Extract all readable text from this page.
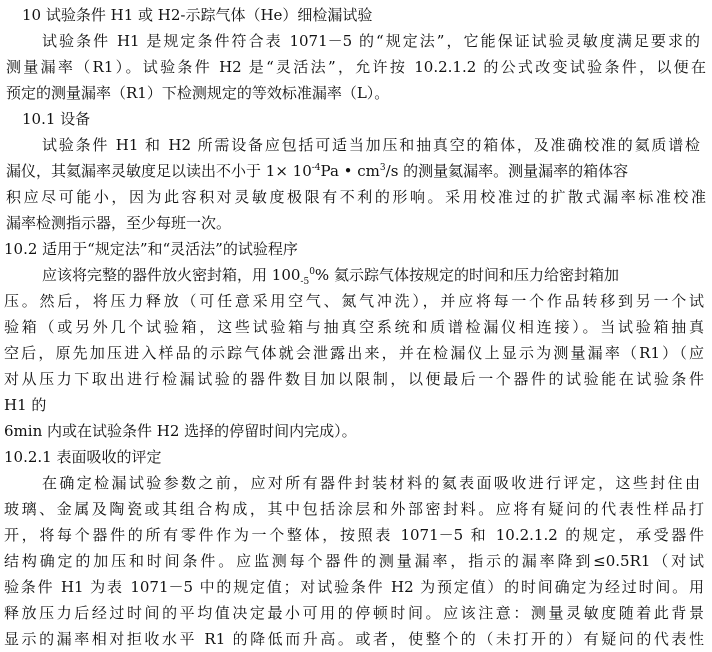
10 试验条件 H1 或 H2-示踪气体（He）细检漏试验
试验条件 H1 是规定条件符合表 1071－5 的“规定法”，它能保证试验灵敏度满足要求的
测量漏率（R1）。试验条件 H2 是“灵活法”，允许按 10.2.1.2 的公式改变试验条件，以便在
预定的测量漏率（R1）下检测规定的等效标准漏率（L）。
10.1 设备
试验条件 H1 和 H2 所需设备应包括可适当加压和抽真空的箱体，及准确校准的氦质谱检
漏仪，其氦漏率灵敏度足以读出不小于 $1\times 10^{-4}Pa$ • $cm^3/s$ 的测量氦漏率。测量漏率的箱体容
积应尽可能小，因为此容积对灵敏度极限有不利的形响。采用校准过的扩散式漏率标准校准
漏率检测指示器，至少每班一次。
10.2 适用于“规定法”和“灵活法”的试验程序
应该将完整的器件放火密封箱，用 $100_{-5}^0\%$ 氦示踪气体按规定的时间和压力给密封箱加
压。然后，将压力释放（可任意采用空气、氮气冲洗），并应将每一个作品转移到另一个试
验箱（或另外几个试验箱，这些试验箱与抽真空系统和质谱检漏仪相连接）。当试验箱抽真
空后，原先加压进入样品的示踪气体就会泄露出来，并在检漏仪上显示为测量漏率（R1）（应
对从压力下取出进行检漏试验的器件数目加以限制，以便最后一个器件的试验能在试验条件
H1 的
6min 内或在试验条件 H2 选择的停留时间内完成）。
10.2.1 表面吸收的评定
在确定检漏试验参数之前，应对所有器件封装材料的氦表面吸收进行评定，这些封住由
玻璃、金属及陶瓷或其组合构成，其中包括涂层和外部密封料。应将有疑问的代表性样品打
开，将每个器件的所有零件作为一个整体，按照表 1071－5 和 10.2.1.2 的规定，承受器件
结构确定的加压和时间条件。应监测每个器件的测量漏率，指示的漏率降到≤0.5R1（对试
验条件 H1 为表 1071－5 中的规定值；对试验条件 H2 为预定值）的时间确定为经过时间。用
释放压力后经过时间的平均值决定最小可用的停顿时间。应该注意：测量灵敏度随着此背景
显示的漏率相对拒收水平 R1 的降低而升高。或者，使整个的（未打开的）有疑问的代表性
